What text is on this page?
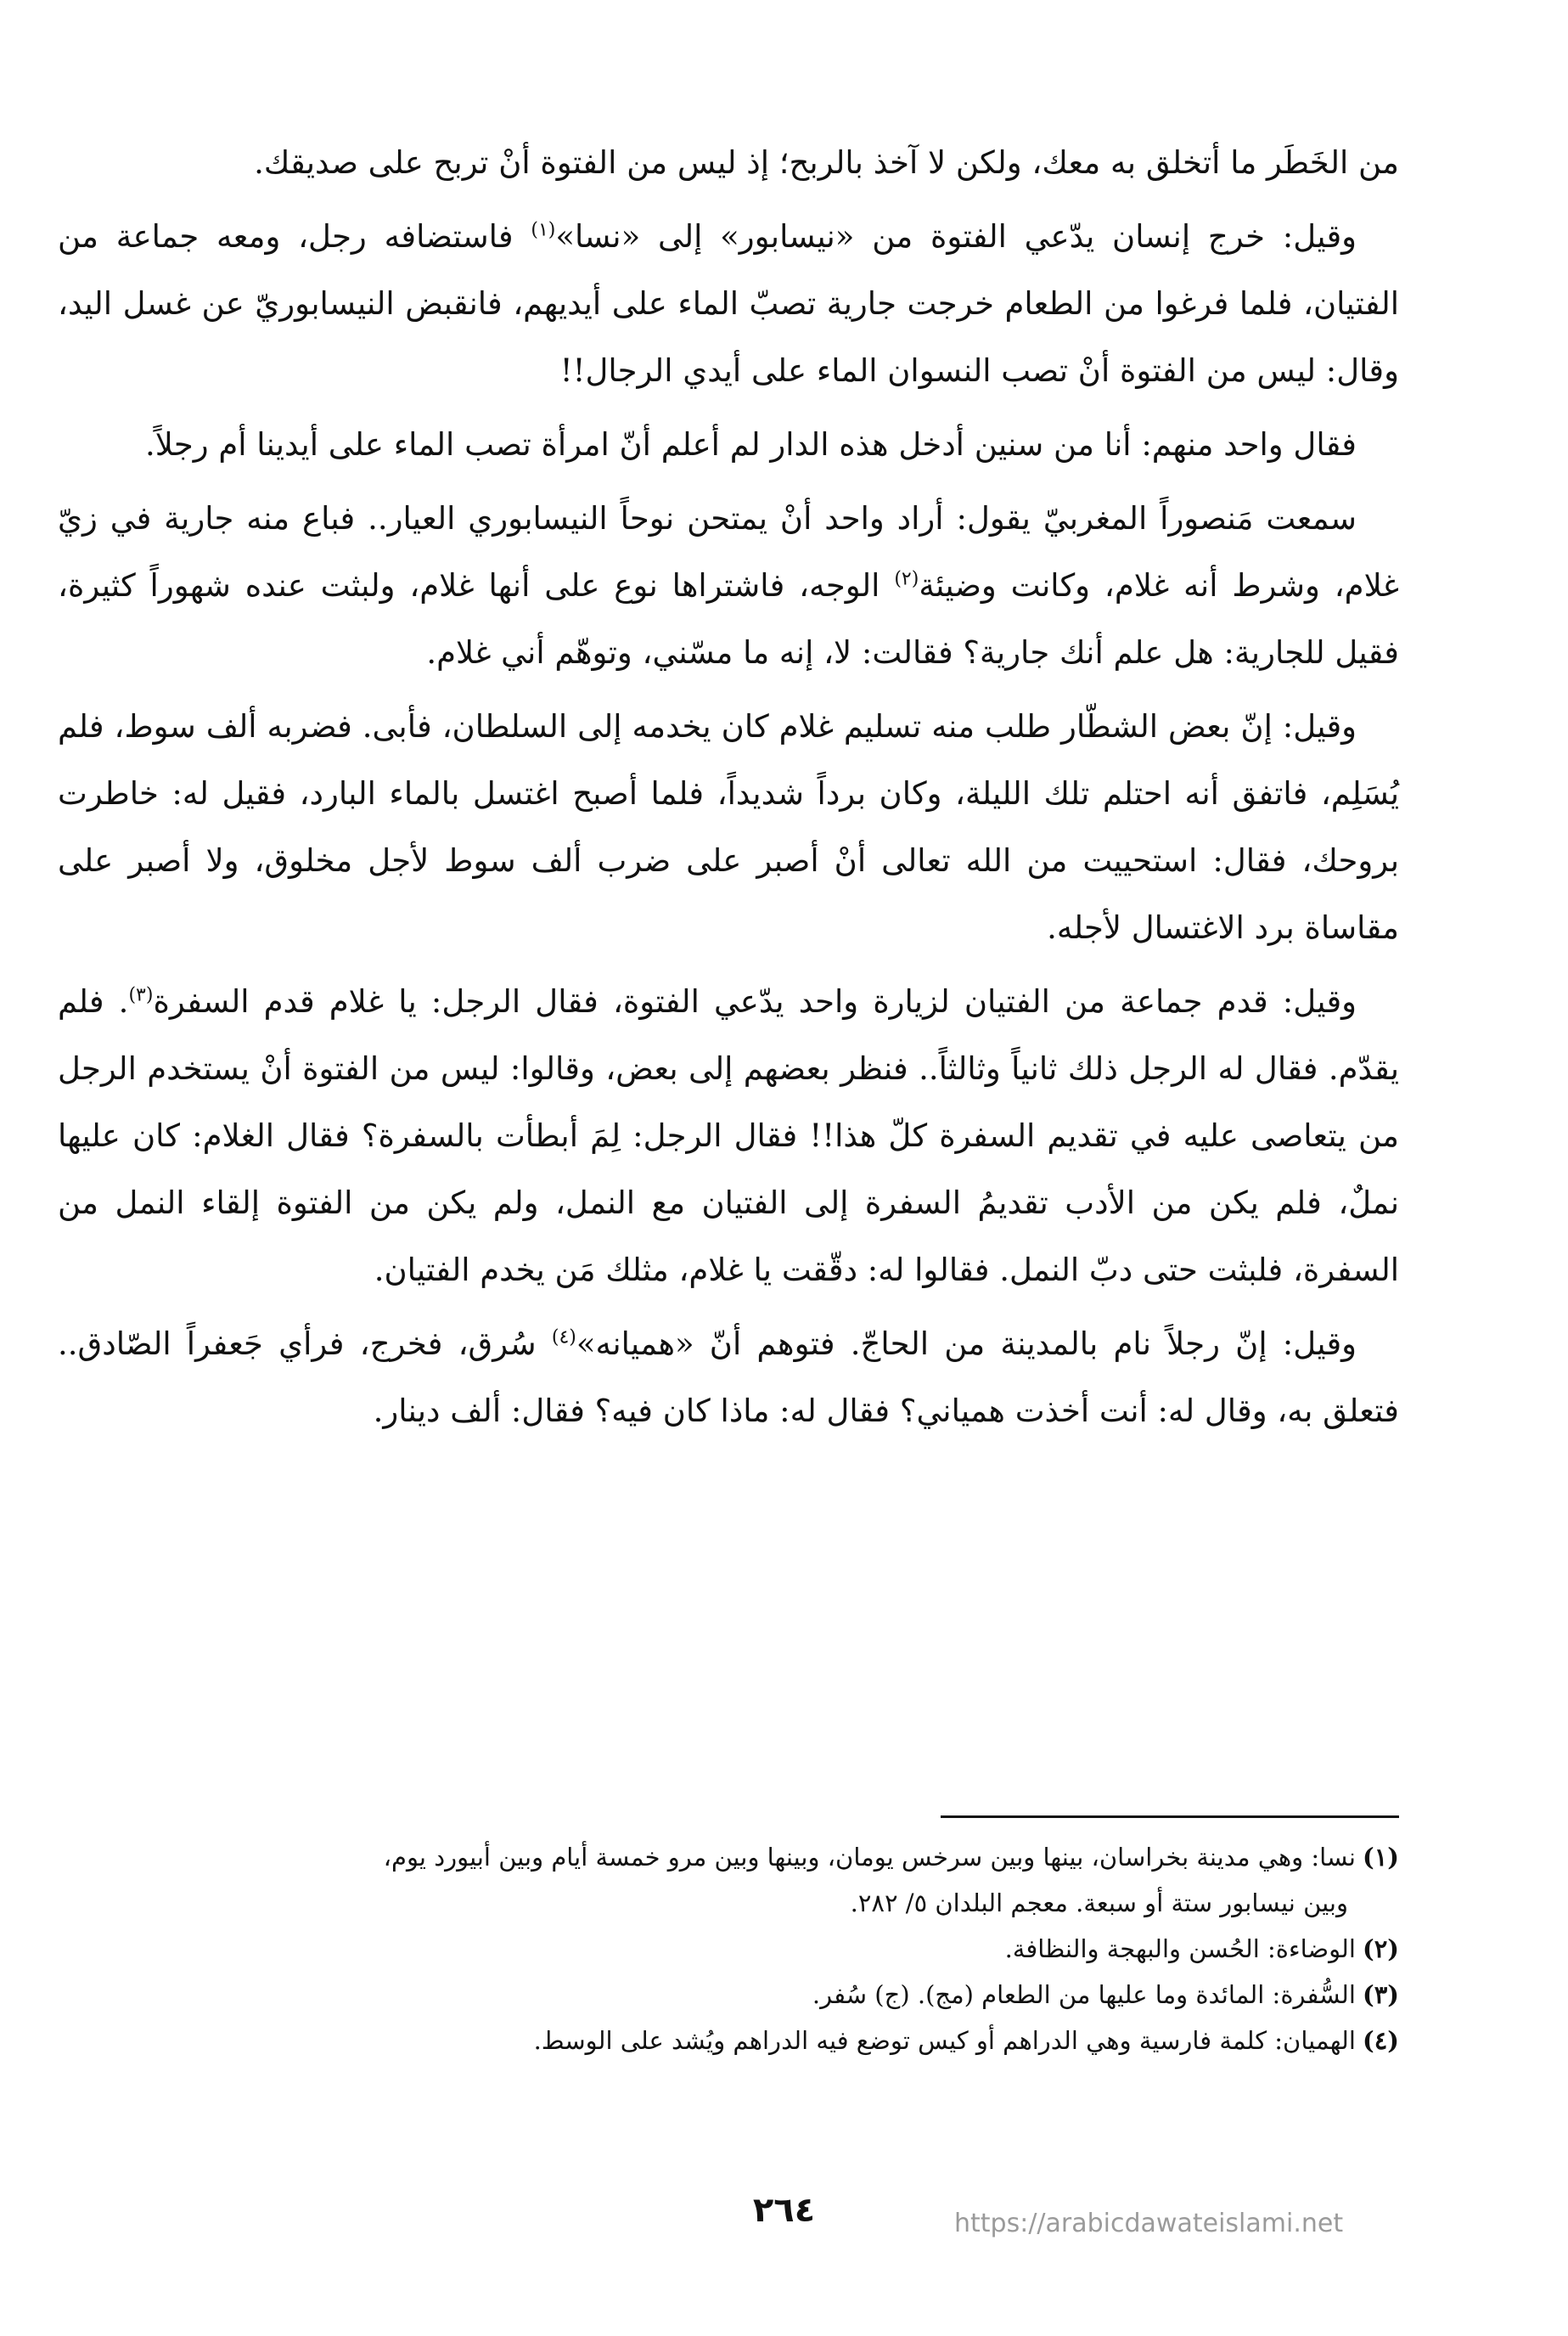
من الخَطَر ما أتخلق به معك، ولكن لا آخذ بالربح؛ إذ ليس من الفتوة أنْ تربح على صديقك.

وقيل: خرج إنسان يدّعي الفتوة من «نيسابور» إلى «نسا»$^{(١)}$ فاستضافه رجل، ومعه جماعة من الفتيان، فلما فرغوا من الطعام خرجت جارية تصبّ الماء على أيديهم، فانقبض النيسابوريّ عن غسل اليد، وقال: ليس من الفتوة أنْ تصب النسوان الماء على أيدي الرجال!!

فقال واحد منهم: أنا من سنين أدخل هذه الدار لم أعلم أنّ امرأة تصب الماء على أيدينا أم رجلاً.

سمعت مَنصوراً المغربيّ يقول: أراد واحد أنْ يمتحن نوحاً النيسابوري العيار.. فباع منه جارية في زيّ غلام، وشرط أنه غلام، وكانت وضيئة$^{(٢)}$ الوجه، فاشتراها نوع على أنها غلام، ولبثت عنده شهوراً كثيرة، فقيل للجارية: هل علم أنك جارية؟ فقالت: لا، إنه ما مسّني، وتوهّم أني غلام.

وقيل: إنّ بعض الشطّار طلب منه تسليم غلام كان يخدمه إلى السلطان، فأبى. فضربه ألف سوط، فلم يُسَلِم، فاتفق أنه احتلم تلك الليلة، وكان برداً شديداً، فلما أصبح اغتسل بالماء البارد، فقيل له: خاطرت بروحك، فقال: استحييت من الله تعالى أنْ أصبر على ضرب ألف سوط لأجل مخلوق، ولا أصبر على مقاساة برد الاغتسال لأجله.

وقيل: قدم جماعة من الفتيان لزيارة واحد يدّعي الفتوة، فقال الرجل: يا غلام قدم السفرة$^{(٣)}$. فلم يقدّم. فقال له الرجل ذلك ثانياً وثالثاً.. فنظر بعضهم إلى بعض، وقالوا: ليس من الفتوة أنْ يستخدم الرجل من يتعاصى عليه في تقديم السفرة كلّ هذا!! فقال الرجل: لِمَ أبطأت بالسفرة؟ فقال الغلام: كان عليها نملٌ، فلم يكن من الأدب تقديمُ السفرة إلى الفتيان مع النمل، ولم يكن من الفتوة إلقاء النمل من السفرة، فلبثت حتى دبّ النمل. فقالوا له: دقّقت يا غلام، مثلك مَن يخدم الفتيان.

وقيل: إنّ رجلاً نام بالمدينة من الحاجّ. فتوهم أنّ «هميانه»$^{(٤)}$ سُرق، فخرج، فرأي جَعفراً الصّادق.. فتعلق به، وقال له: أنت أخذت همياني؟ فقال له: ماذا كان فيه؟ فقال: ألف دينار.

(١)نسا: وهي مدينة بخراسان، بينها وبين سرخس يومان، وبينها وبين مرو خمسة أيام وبين أبيورد يوم،

وبين نيسابور ستة أو سبعة. معجم البلدان ٥/ ٢٨٢.

(٢)الوضاءة: الحُسن والبهجة والنظافة.

(٣)السُّفرة: المائدة وما عليها من الطعام (مج). (ج) سُفر.

(٤)الهميان: كلمة فارسية وهي الدراهم أو كيس توضع فيه الدراهم ويُشد على الوسط.

٢٦٤	https://arabicdawateislami.net
